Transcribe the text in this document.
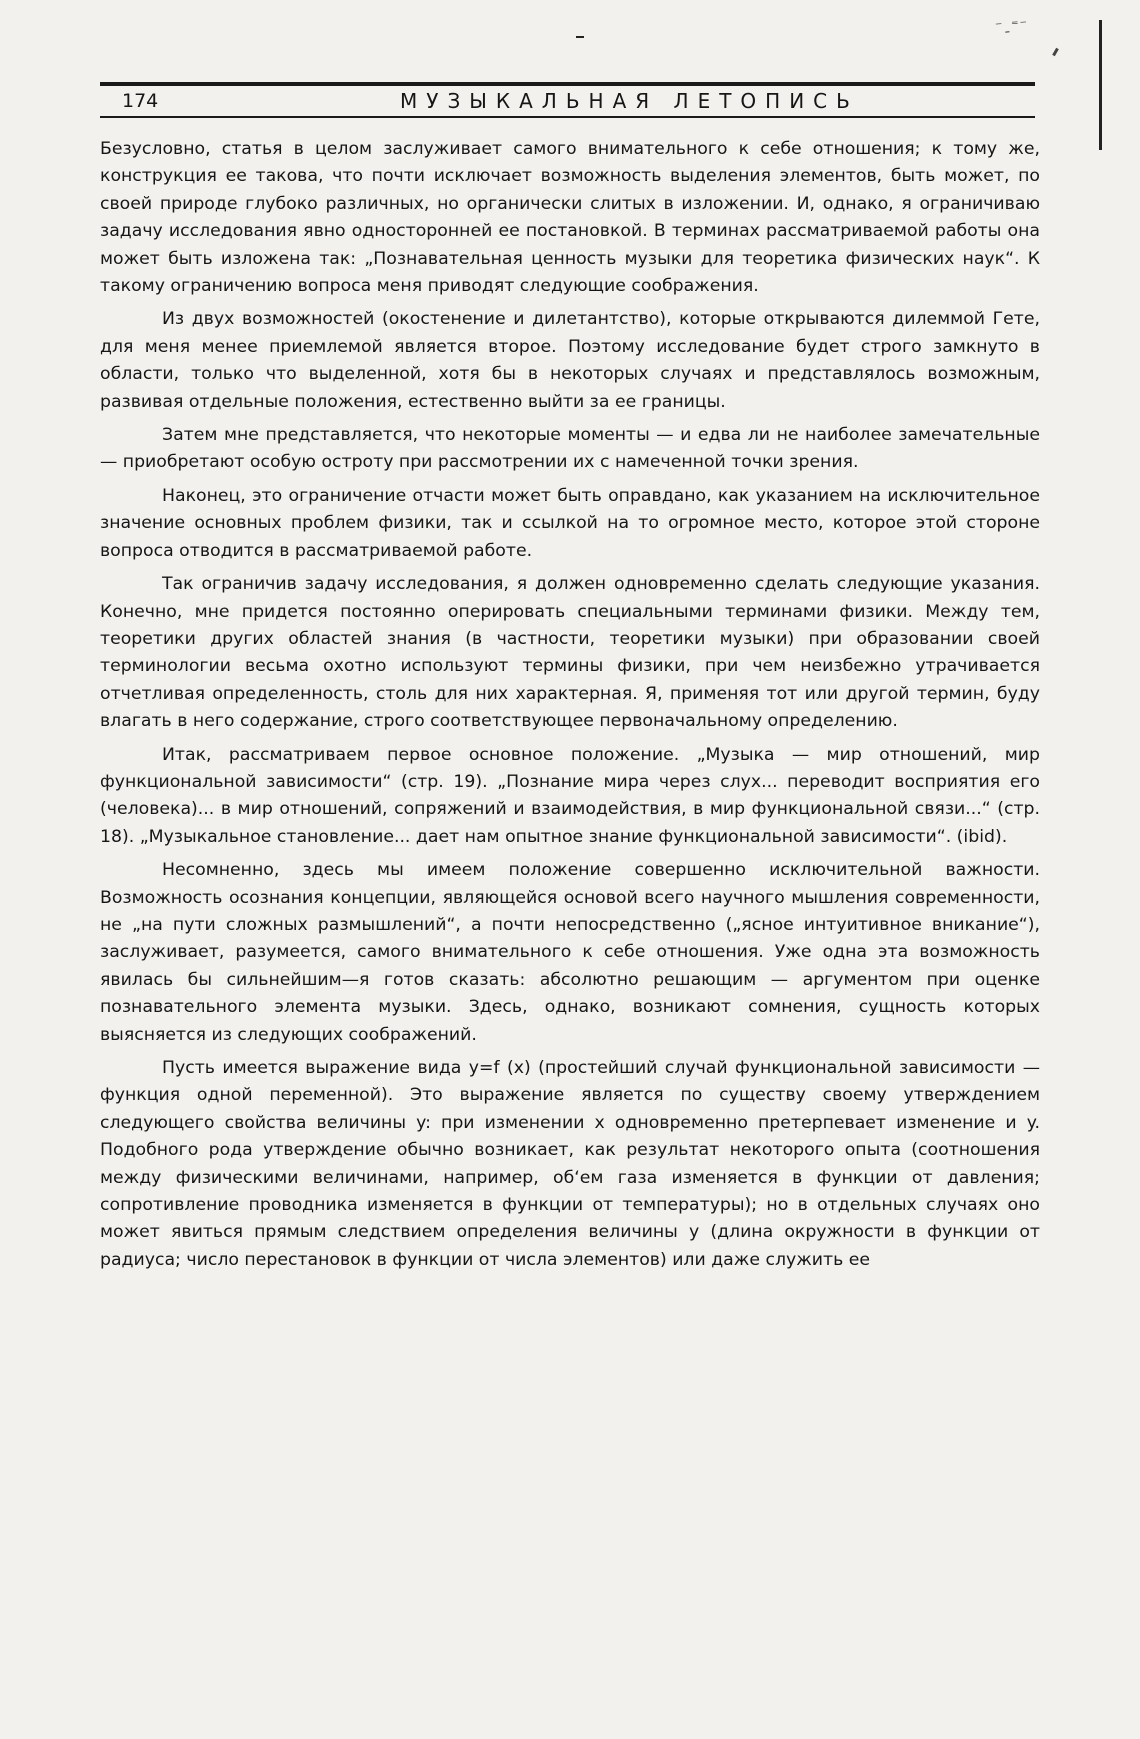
⁻ˍ⁼⁻
174	МУЗЫКАЛЬНАЯ ЛЕТОПИСЬ

Безусловно, статья в целом заслуживает самого внимательного к себе отношения; к тому же, конструкция ее такова, что почти исключает возможность выделения элементов, быть может, по своей природе глубоко различных, но органически слитых в изложении. И, однако, я ограничиваю задачу исследования явно односторонней ее постановкой. В терминах рассматриваемой работы она может быть изложена так: „Познавательная ценность музыки для теоретика физических наук“. К такому ограничению вопроса меня приводят следующие соображения.

Из двух возможностей (окостенение и дилетантство), которые открываются дилеммой Гете, для меня менее приемлемой является второе. Поэтому исследование будет строго замкнуто в области, только что выделенной, хотя бы в некоторых случаях и представлялось возможным, развивая отдельные положения, естественно выйти за ее границы.

Затем мне представляется, что некоторые моменты — и едва ли не наиболее замечательные — приобретают особую остроту при рассмотрении их с намеченной точки зрения.

Наконец, это ограничение отчасти может быть оправдано, как указанием на исключительное значение основных проблем физики, так и ссылкой на то огромное место, которое этой стороне вопроса отводится в рассматриваемой работе.

Так ограничив задачу исследования, я должен одновременно сделать следующие указания. Конечно, мне придется постоянно оперировать специальными терминами физики. Между тем, теоретики других областей знания (в частности, теоретики музыки) при образовании своей терминологии весьма охотно используют термины физики, при чем неизбежно утрачивается отчетливая определенность, столь для них характерная. Я, применяя тот или другой термин, буду влагать в него содержание, строго соответствующее первоначальному определению.

Итак, рассматриваем первое основное положение. „Музыка — мир отношений, мир функциональной зависимости“ (стр. 19). „Познание мира через слух... переводит восприятия его (человека)... в мир отношений, сопряжений и взаимодействия, в мир функциональной связи...“ (стр. 18). „Музыкальное становление... дает нам опытное знание функциональной зависимости“. (ibid).

Несомненно, здесь мы имеем положение совершенно исключительной важности. Возможность осознания концепции, являющейся основой всего научного мышления современности, не „на пути сложных размышлений“, а почти непосредственно („ясное интуитивное вникание“), заслуживает, разумеется, самого внимательного к себе отношения. Уже одна эта возможность явилась бы сильнейшим—я готов сказать: абсолютно решающим — аргументом при оценке познавательного элемента музыки. Здесь, однако, возникают сомнения, сущность которых выясняется из следующих соображений.

Пусть имеется выражение вида y=f (x) (простейший случай функциональной зависимости — функция одной переменной). Это выражение является по существу своему утверждением следующего свойства величины y: при изменении x одновременно претерпевает изменение и y. Подобного рода утверждение обычно возникает, как результат некоторого опыта (соотношения между физическими величинами, например, об‘ем газа изменяется в функции от давления; сопротивление проводника изменяется в функции от температуры); но в отдельных случаях оно может явиться прямым следствием определения величины y (длина окружности в функции от радиуса; число перестановок в функции от числа элементов) или даже служить ее
